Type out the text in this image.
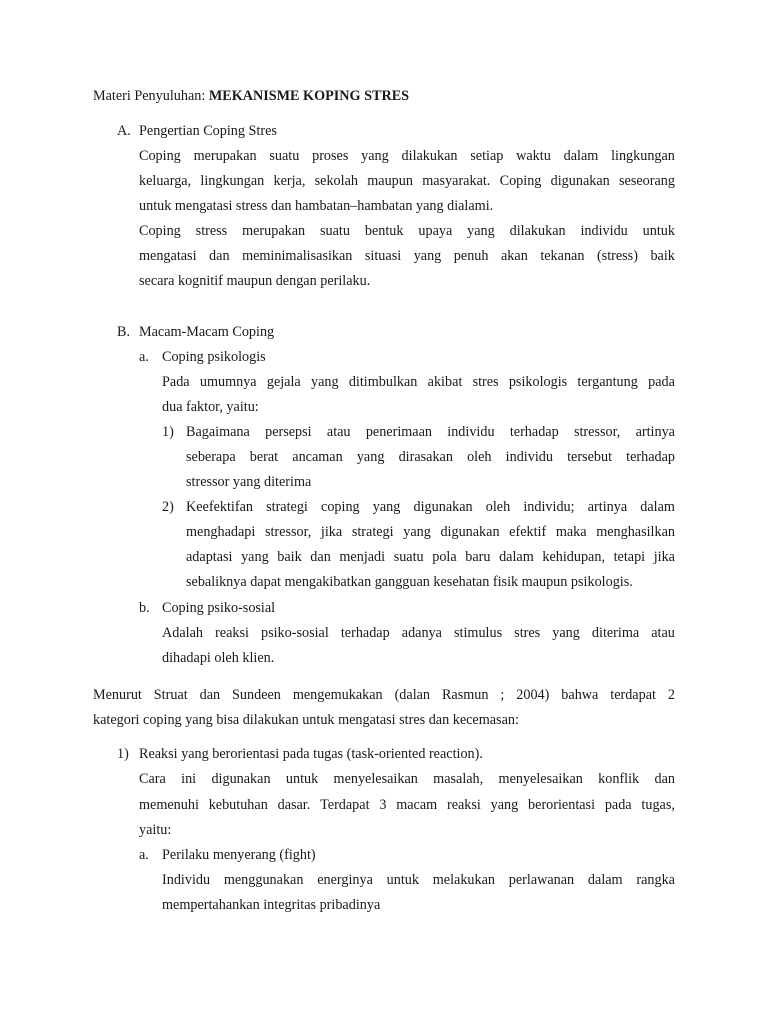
Materi Penyuluhan: MEKANISME KOPING STRES
A. Pengertian Coping Stres
Coping merupakan suatu proses yang dilakukan setiap waktu dalam lingkungan
keluarga, lingkungan kerja, sekolah maupun masyarakat. Coping digunakan seseorang
untuk mengatasi stress dan hambatan–hambatan yang dialami.
Coping stress merupakan suatu bentuk upaya yang dilakukan individu untuk
mengatasi dan meminimalisasikan situasi yang penuh akan tekanan (stress) baik
secara kognitif maupun dengan perilaku.
B. Macam-Macam Coping
a. Coping psikologis
Pada umumnya gejala yang ditimbulkan akibat stres psikologis tergantung pada
dua faktor, yaitu:
1) Bagaimana persepsi atau penerimaan individu terhadap stressor, artinya
seberapa berat ancaman yang dirasakan oleh individu tersebut terhadap
stressor yang diterima
2) Keefektifan strategi coping yang digunakan oleh individu; artinya dalam
menghadapi stressor, jika strategi yang digunakan efektif maka menghasilkan
adaptasi yang baik dan menjadi suatu pola baru dalam kehidupan, tetapi jika
sebaliknya dapat mengakibatkan gangguan kesehatan fisik maupun psikologis.
b. Coping psiko-sosial
Adalah reaksi psiko-sosial terhadap adanya stimulus stres yang diterima atau
dihadapi oleh klien.
Menurut Struat dan Sundeen mengemukakan (dalan Rasmun ; 2004) bahwa terdapat 2
kategori coping yang bisa dilakukan untuk mengatasi stres dan kecemasan:
1) Reaksi yang berorientasi pada tugas (task-oriented reaction).
Cara ini digunakan untuk menyelesaikan masalah, menyelesaikan konflik dan
memenuhi kebutuhan dasar. Terdapat 3 macam reaksi yang berorientasi pada tugas,
yaitu:
a. Perilaku menyerang (fight)
Individu menggunakan energinya untuk melakukan perlawanan dalam rangka
mempertahankan integritas pribadinya
